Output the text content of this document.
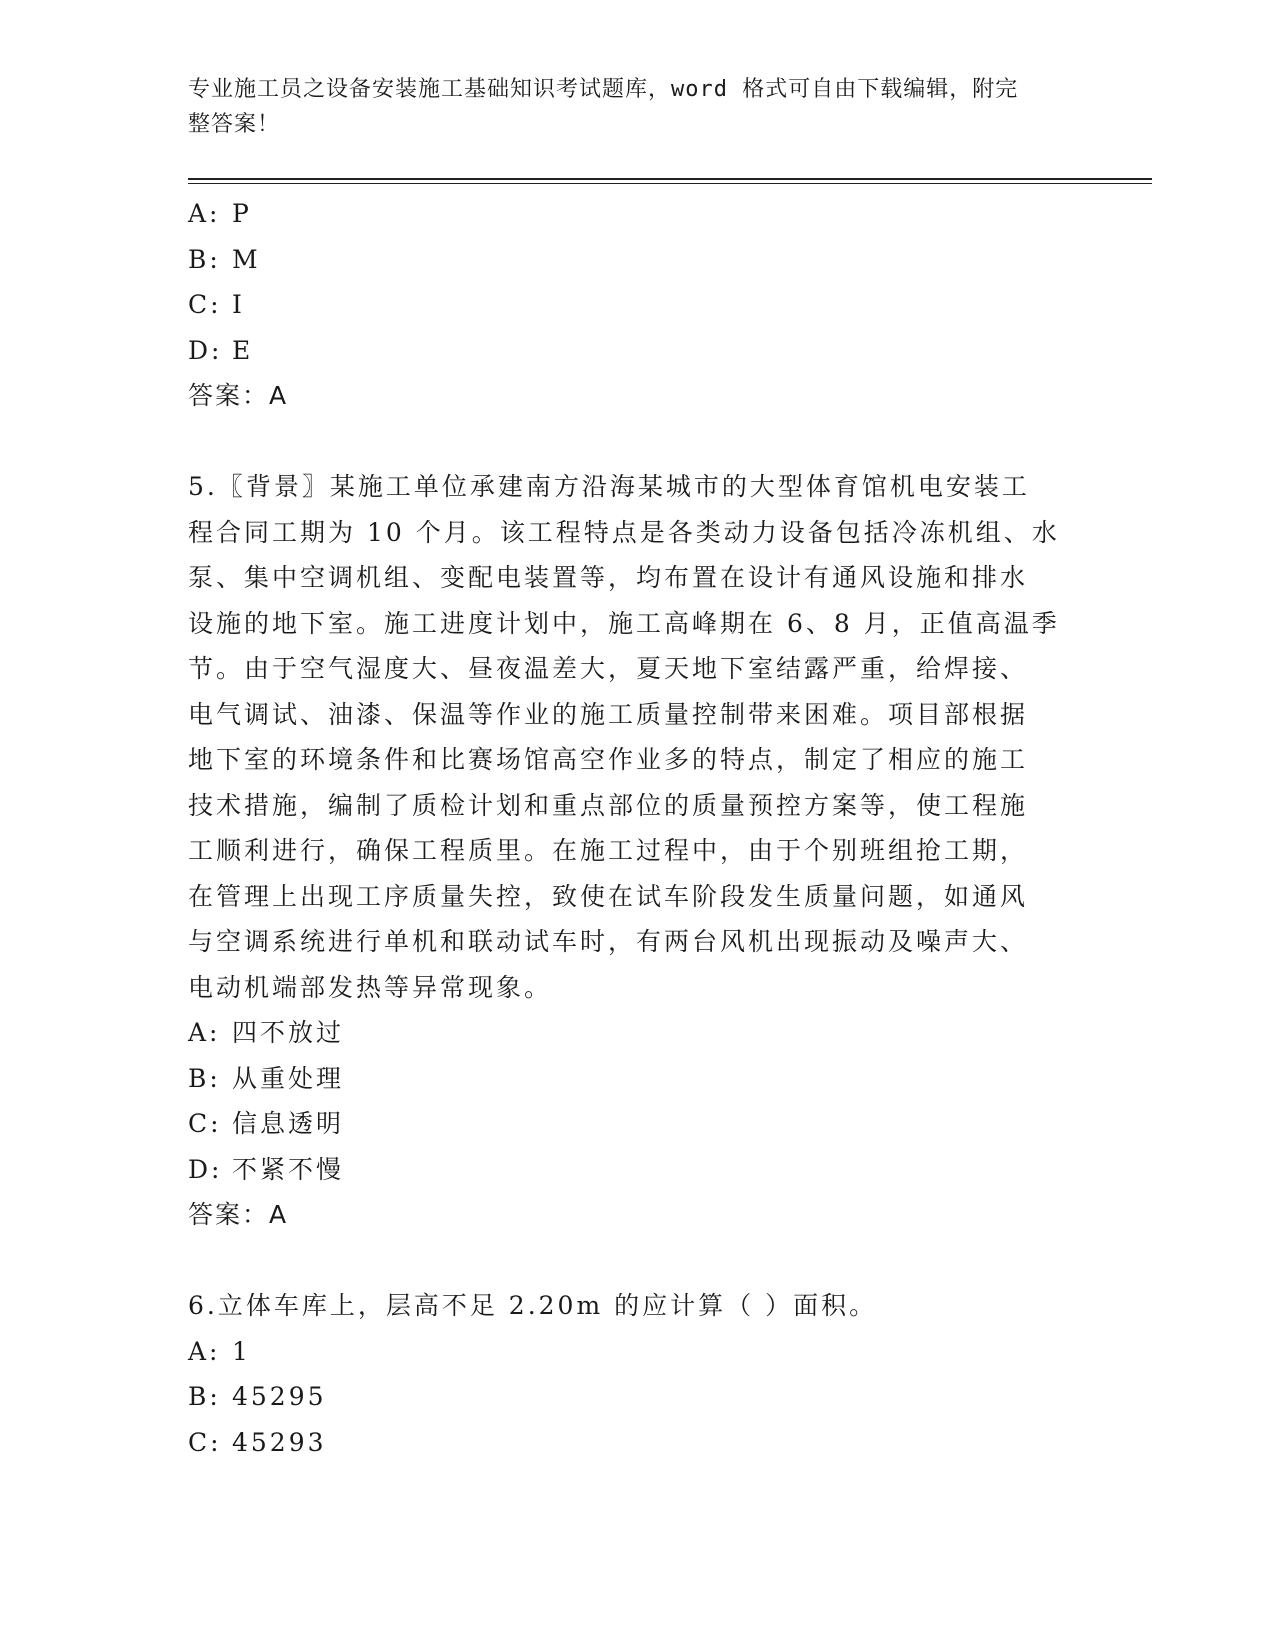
专业施工员之设备安装施工基础知识考试题库，word 格式可自由下载编辑，附完
整答案！
A: P
B: M
C: I
D: E
答案：A
5.〖背景〗某施工单位承建南方沿海某城市的大型体育馆机电安装工
程合同工期为 10 个月。该工程特点是各类动力设备包括冷冻机组、水
泵、集中空调机组、变配电装置等，均布置在设计有通风设施和排水
设施的地下室。施工进度计划中，施工高峰期在 6、8 月，正值高温季
节。由于空气湿度大、昼夜温差大，夏天地下室结露严重，给焊接、
电气调试、油漆、保温等作业的施工质量控制带来困难。项目部根据
地下室的环境条件和比赛场馆高空作业多的特点，制定了相应的施工
技术措施，编制了质检计划和重点部位的质量预控方案等，使工程施
工顺利进行，确保工程质里。在施工过程中，由于个别班组抢工期，
在管理上出现工序质量失控，致使在试车阶段发生质量问题，如通风
与空调系统进行单机和联动试车时，有两台风机出现振动及噪声大、
电动机端部发热等异常现象。
A: 四不放过
B: 从重处理
C: 信息透明
D: 不紧不慢
答案：A
6.立体车库上，层高不足 2.20m 的应计算（ ）面积。
A: 1
B: 45295
C: 45293
